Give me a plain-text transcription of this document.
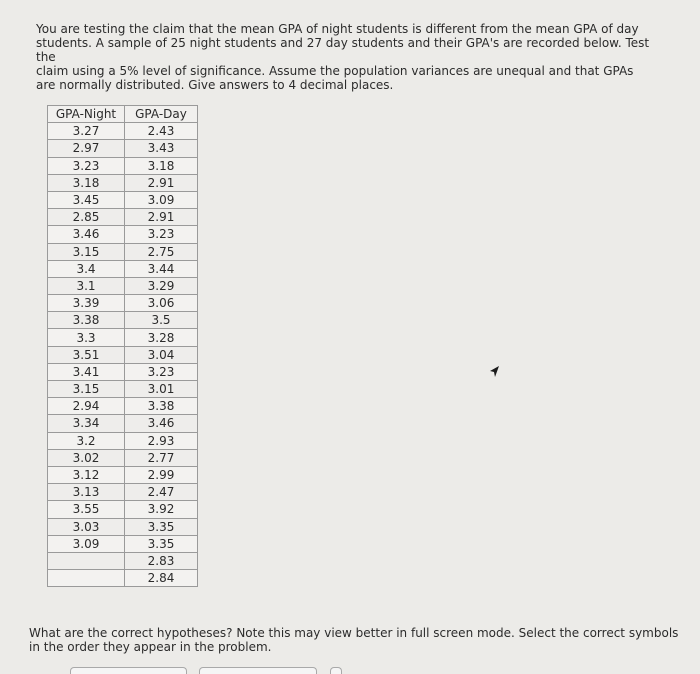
You are testing the claim that the mean GPA of night students is different from the mean GPA of day

students. A sample of 25 night students and 27 day students and their GPA's are recorded below. Test the

claim using a 5% level of significance. Assume the population variances are unequal and that GPAs

are normally distributed. Give answers to 4 decimal places.

GPA-Night	GPA-Day
3.27	2.43
2.97	3.43
3.23	3.18
3.18	2.91
3.45	3.09
2.85	2.91
3.46	3.23
3.15	2.75
3.4	3.44
3.1	3.29
3.39	3.06
3.38	3.5
3.3	3.28
3.51	3.04
3.41	3.23
3.15	3.01
2.94	3.38
3.34	3.46
3.2	2.93
3.02	2.77
3.12	2.99
3.13	2.47
3.55	3.92
3.03	3.35
3.09	3.35
	2.83
	2.84

What are the correct hypotheses? Note this may view better in full screen mode. Select the correct symbols

in the order they appear in the problem.
